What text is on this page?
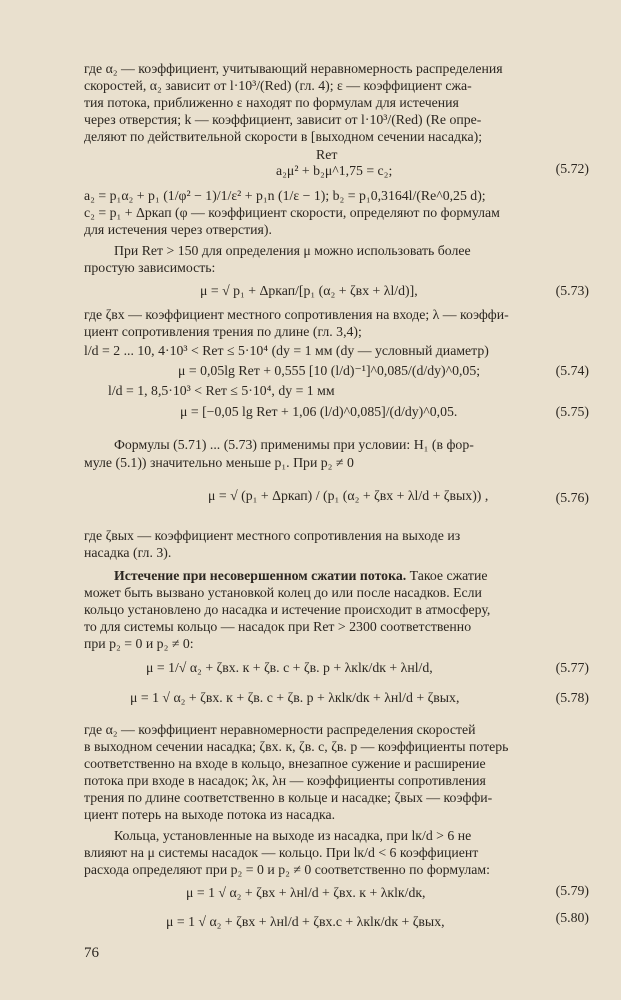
где α₂ — коэффициент, учитывающий неравномерность распределения
скоростей, α₂ зависит от l·10³/(Red) (гл. 4); ε — коэффициент сжа-
тия потока, приближенно ε находят по формулам для истечения
через отверстия; k — коэффициент, зависит от l·10³/(Red) (Re опре-
деляют по действительной скорости в [выходном сечении насадка);
Reт
a₂μ² + b₂μ^1,75 = c₂;	(5.72)
a₂ = p₁α₂ + p₁ (1/φ² − 1)/1/ε² + p₁n (1/ε − 1); b₂ = p₁0,3164l/(Re^0,25 d);
c₂ = p₁ + Δpкап (φ — коэффициент скорости, определяют по формулам
для истечения через отверстия).
При Reт > 150 для определения μ можно использовать более
простую зависимость:
μ = √ p₁ + Δpкап/[p₁ (α₂ + ζвх + λl/d)],	(5.73)
где ζвх — коэффициент местного сопротивления на входе; λ — коэффи-
циент сопротивления трения по длине (гл. 3,4);
l/d = 2 ... 10, 4·10³ < Reт ≤ 5·10⁴ (dy = 1 мм (dy — условный диаметр)
μ = 0,05lg Reт + 0,555 [10 (l/d)⁻¹]^0,085/(d/dy)^0,05;	(5.74)
l/d = 1, 8,5·10³ < Reт ≤ 5·10⁴, dy = 1 мм
μ = [−0,05 lg Reт + 1,06 (l/d)^0,085]/(d/dy)^0,05.	(5.75)
Формулы (5.71) ... (5.73) применимы при условии: H₁ (в фор-
муле (5.1)) значительно меньше p₁. При p₂ ≠ 0
μ = √ (p₁ + Δpкап) / (p₁ (α₂ + ζвх + λl/d + ζвых)) ,	(5.76)
где ζвых — коэффициент местного сопротивления на выходе из
насадка (гл. 3).
Истечение при несовершенном сжатии потока. Такое сжатие
может быть вызвано установкой колец до или после насадков. Если
кольцо установлено до насадка и истечение происходит в атмосферу,
то для системы кольцо — насадок при Reт > 2300 соответственно
при p₂ = 0 и p₂ ≠ 0:
μ = 1/√ α₂ + ζвх. к + ζв. с + ζв. р + λкlк/dк + λнl/d,	(5.77)
μ = 1 √ α₂ + ζвх. к + ζв. с + ζв. р + λкlк/dк + λнl/d + ζвых,	(5.78)
где α₂ — коэффициент неравномерности распределения скоростей
в выходном сечении насадка; ζвх. к, ζв. с, ζв. р — коэффициенты потерь
соответственно на входе в кольцо, внезапное сужение и расширение
потока при входе в насадок; λк, λн — коэффициенты сопротивления
трения по длине соответственно в кольце и насадке; ζвых — коэффи-
циент потерь на выходе потока из насадка.
Кольца, установленные на выходе из насадка, при lк/d > 6 не
влияют на μ системы насадок — кольцо. При lк/d < 6 коэффициент
расхода определяют при p₂ = 0 и p₂ ≠ 0 соответственно по формулам:
μ = 1 √ α₂ + ζвх + λнl/d + ζвх. к + λкlк/dк,	(5.79)
μ = 1 √ α₂ + ζвх + λнl/d + ζвх.с + λкlк/dк + ζвых,	(5.80)
76
